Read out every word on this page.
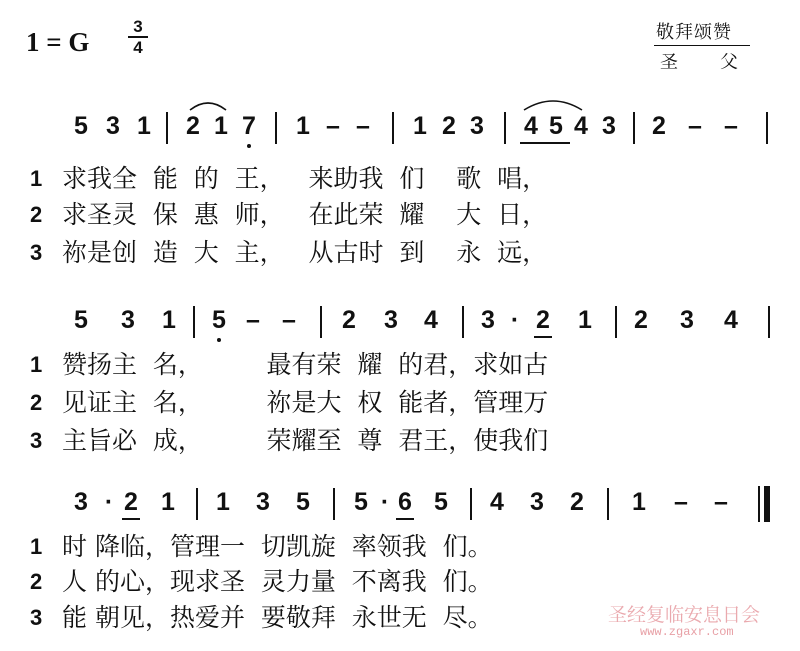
1 = G
3
4
敬拜颂赞
圣 父
5 3 1 2 1 7 1 – – 1 2 3 4 5 4 3 2 – –
1 求我全  能  的  王，   来助我  们    歌  唱，
2 求圣灵  保  惠  师，   在此荣  耀    大  日，
3 祢是创  造  大  主，   从古时  到    永  远，
5 3 1 5 – – 2 3 4 3 · 2 1 2 3 4
1 赞扬主  名，        最有荣  耀  的君，求如古
2 见证主  名，        祢是大  权  能者，管理万
3 主旨必  成，        荣耀至  尊  君王，使我们
3 · 2 1 1 3 5 5 · 6 5 4 3 2 1 – –
1 时 降临，管理一  切凯旋  率领我  们。
2 人 的心，现求圣  灵力量  不离我  们。
3 能 朝见，热爱并  要敬拜  永世无  尽。	圣经复临安息日会
www.zgaxr.com
